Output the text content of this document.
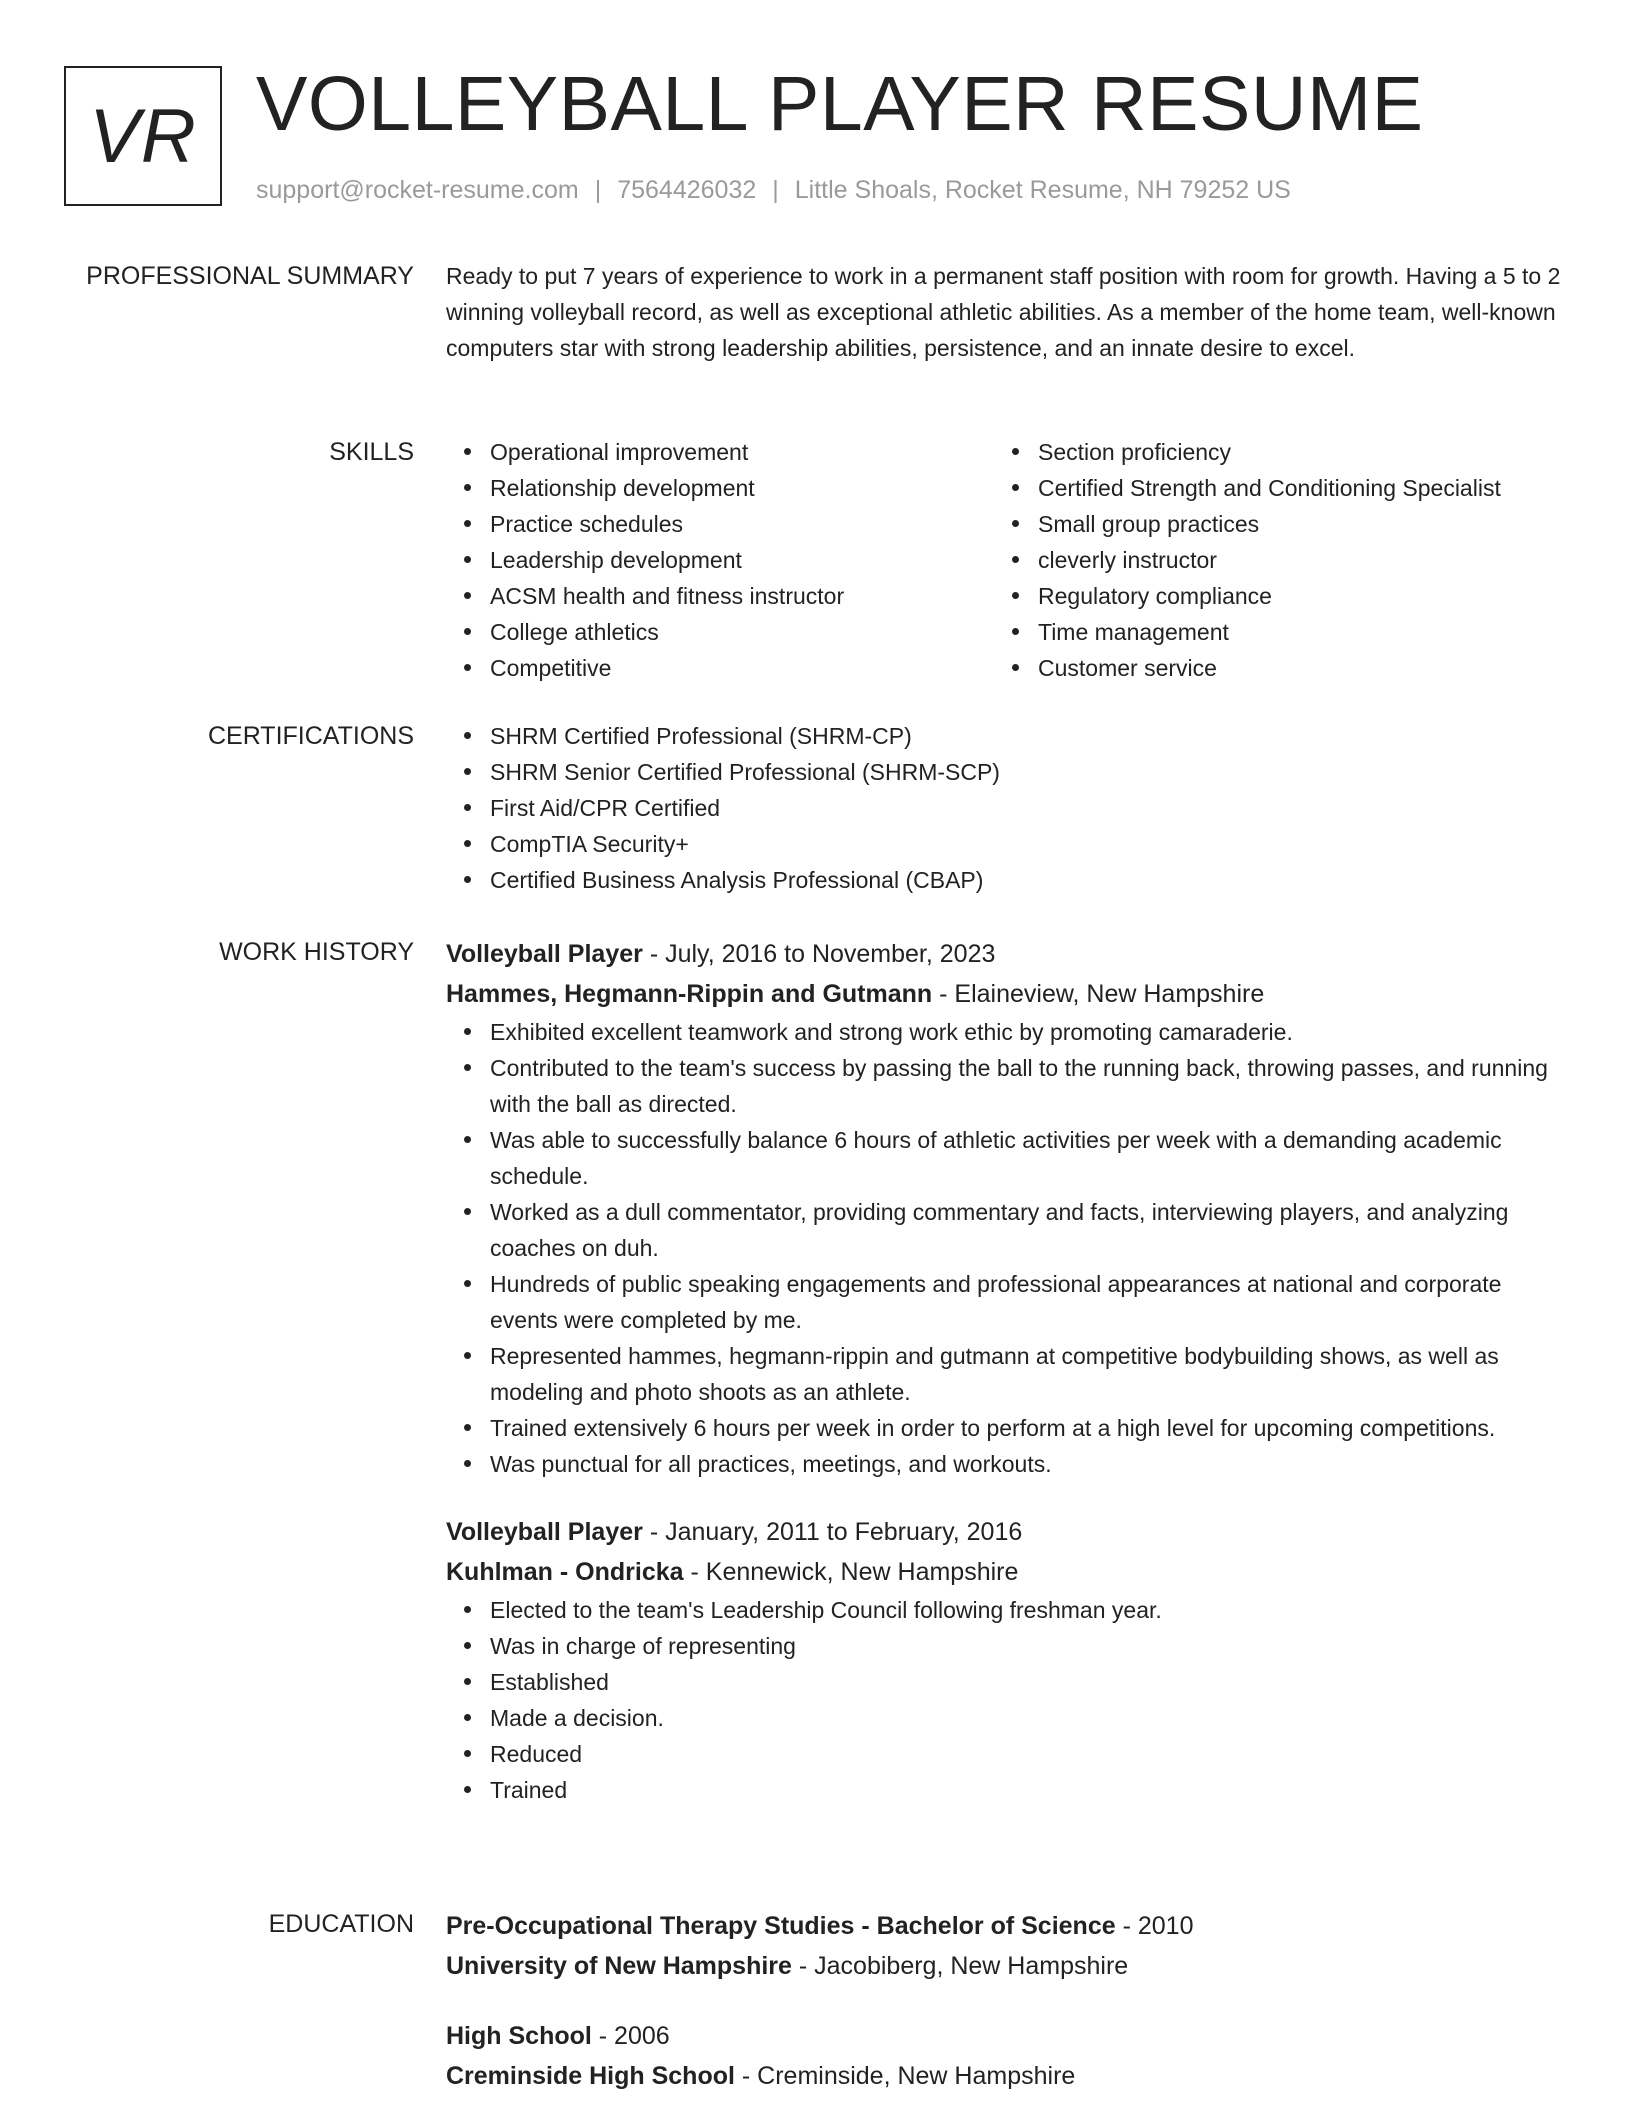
VR VOLLEYBALL PLAYER RESUME
support@rocket-resume.com | 7564426032 | Little Shoals, Rocket Resume, NH 79252 US
PROFESSIONAL SUMMARY Ready to put 7 years of experience to work in a permanent staff position with room for growth. Having a 5 to 2 winning volleyball record, as well as exceptional athletic abilities. As a member of the home team, well-known computers star with strong leadership abilities, persistence, and an innate desire to excel.

SKILLS	Operational improvement
Relationship development
Practice schedules
Leadership development
ACSM health and fitness instructor
College athletics
Competitive
Section proficiency
Certified Strength and Conditioning Specialist
Small group practices
cleverly instructor
Regulatory compliance
Time management
Customer service
CERTIFICATIONS	SHRM Certified Professional (SHRM-CP)
SHRM Senior Certified Professional (SHRM-SCP)
First Aid/CPR Certified
CompTIA Security+
Certified Business Analysis Professional (CBAP)
WORK HISTORY Volleyball Player - July, 2016 to November, 2023
Hammes, Hegmann-Rippin and Gutmann - Elaineview, New Hampshire
Exhibited excellent teamwork and strong work ethic by promoting camaraderie.
Contributed to the team's success by passing the ball to the running back, throwing passes, and running with the ball as directed.
Was able to successfully balance 6 hours of athletic activities per week with a demanding academic schedule.
Worked as a dull commentator, providing commentary and facts, interviewing players, and analyzing coaches on duh.
Hundreds of public speaking engagements and professional appearances at national and corporate events were completed by me.
Represented hammes, hegmann-rippin and gutmann at competitive bodybuilding shows, as well as modeling and photo shoots as an athlete.
Trained extensively 6 hours per week in order to perform at a high level for upcoming competitions.
Was punctual for all practices, meetings, and workouts.
Volleyball Player - January, 2011 to February, 2016
Kuhlman - Ondricka - Kennewick, New Hampshire
Elected to the team's Leadership Council following freshman year.
Was in charge of representing
Established
Made a decision.
Reduced
Trained
EDUCATION Pre-Occupational Therapy Studies - Bachelor of Science - 2010
University of New Hampshire - Jacobiberg, New Hampshire
High School - 2006
Creminside High School - Creminside, New Hampshire
